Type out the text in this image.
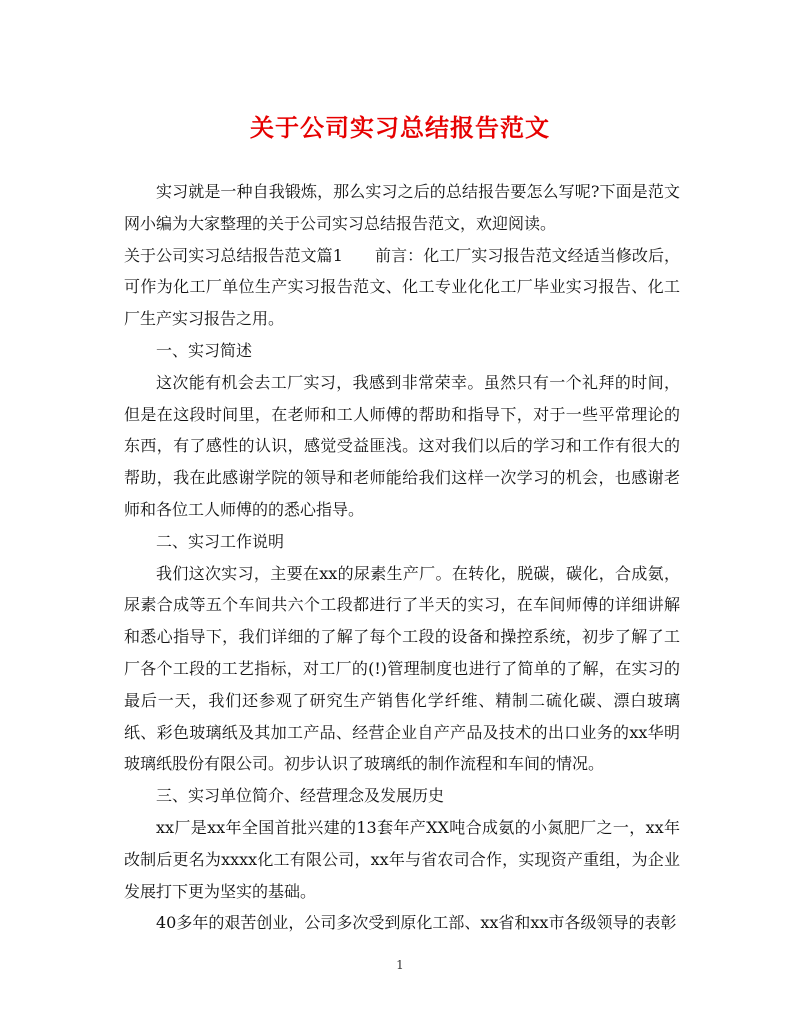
关于公司实习总结报告范文

实习就是一种自我锻炼，那么实习之后的总结报告要怎么写呢?下面是范文网小编为大家整理的关于公司实习总结报告范文，欢迎阅读。

关于公司实习总结报告范文篇1　　前言：化工厂实习报告范文经适当修改后，可作为化工厂单位生产实习报告范文、化工专业化化工厂毕业实习报告、化工厂生产实习报告之用。

一、实习简述

这次能有机会去工厂实习，我感到非常荣幸。虽然只有一个礼拜的时间，但是在这段时间里，在老师和工人师傅的帮助和指导下，对于一些平常理论的东西，有了感性的认识，感觉受益匪浅。这对我们以后的学习和工作有很大的帮助，我在此感谢学院的领导和老师能给我们这样一次学习的机会，也感谢老师和各位工人师傅的的悉心指导。

二、实习工作说明

我们这次实习，主要在xx的尿素生产厂。在转化，脱碳，碳化，合成氨，尿素合成等五个车间共六个工段都进行了半天的实习，在车间师傅的详细讲解和悉心指导下，我们详细的了解了每个工段的设备和操控系统，初步了解了工厂各个工段的工艺指标，对工厂的(!)管理制度也进行了简单的了解，在实习的最后一天，我们还参观了研究生产销售化学纤维、精制二硫化碳、漂白玻璃纸、彩色玻璃纸及其加工产品、经营企业自产产品及技术的出口业务的xx华明玻璃纸股份有限公司。初步认识了玻璃纸的制作流程和车间的情况。

三、实习单位简介、经营理念及发展历史

xx厂是xx年全国首批兴建的13套年产XX吨合成氨的小氮肥厂之一，xx年改制后更名为xxxx化工有限公司，xx年与省农司合作，实现资产重组，为企业发展打下更为坚实的基础。

40多年的艰苦创业，公司多次受到原化工部、xx省和xx市各级领导的表彰

1
